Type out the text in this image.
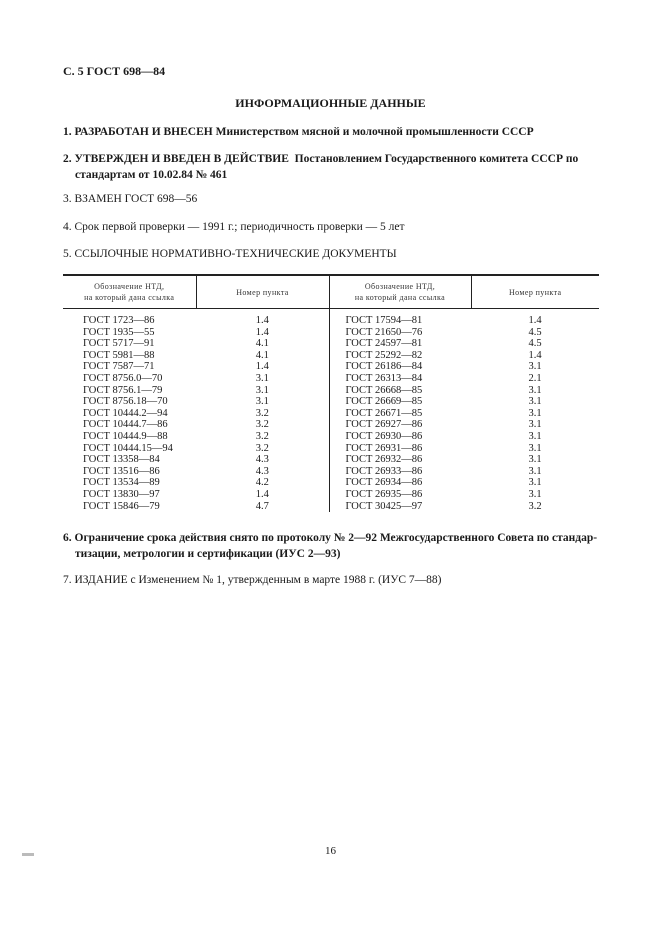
С. 5 ГОСТ 698—84
ИНФОРМАЦИОННЫЕ ДАННЫЕ
1. РАЗРАБОТАН И ВНЕСЕН Министерством мясной и молочной промышленности СССР
2. УТВЕРЖДЕН И ВВЕДЕН В ДЕЙСТВИЕ Постановлением Государственного комитета СССР по
стандартам от 10.02.84 № 461
3. ВЗАМЕН ГОСТ 698—56
4. Срок первой проверки — 1991 г.; периодичность проверки — 5 лет
5. ССЫЛОЧНЫЕ НОРМАТИВНО-ТЕХНИЧЕСКИЕ ДОКУМЕНТЫ
Обозначение НТД,
на который дана ссылка	Номер пункта	Обозначение НТД,
на который дана ссылка	Номер пункта
ГОСТ 1723—86	1.4	ГОСТ 17594—81	1.4
ГОСТ 1935—55	1.4	ГОСТ 21650—76	4.5
ГОСТ 5717—91	4.1	ГОСТ 24597—81	4.5
ГОСТ 5981—88	4.1	ГОСТ 25292—82	1.4
ГОСТ 7587—71	1.4	ГОСТ 26186—84	3.1
ГОСТ 8756.0—70	3.1	ГОСТ 26313—84	2.1
ГОСТ 8756.1—79	3.1	ГОСТ 26668—85	3.1
ГОСТ 8756.18—70	3.1	ГОСТ 26669—85	3.1
ГОСТ 10444.2—94	3.2	ГОСТ 26671—85	3.1
ГОСТ 10444.7—86	3.2	ГОСТ 26927—86	3.1
ГОСТ 10444.9—88	3.2	ГОСТ 26930—86	3.1
ГОСТ 10444.15—94	3.2	ГОСТ 26931—86	3.1
ГОСТ 13358—84	4.3	ГОСТ 26932—86	3.1
ГОСТ 13516—86	4.3	ГОСТ 26933—86	3.1
ГОСТ 13534—89	4.2	ГОСТ 26934—86	3.1
ГОСТ 13830—97	1.4	ГОСТ 26935—86	3.1
ГОСТ 15846—79	4.7	ГОСТ 30425—97	3.2
6. Ограничение срока действия снято по протоколу № 2—92 Межгосударственного Совета по стандар-
тизации, метрологии и сертификации (ИУС 2—93)
7. ИЗДАНИЕ с Изменением № 1, утвержденным в марте 1988 г. (ИУС 7—88)
16
